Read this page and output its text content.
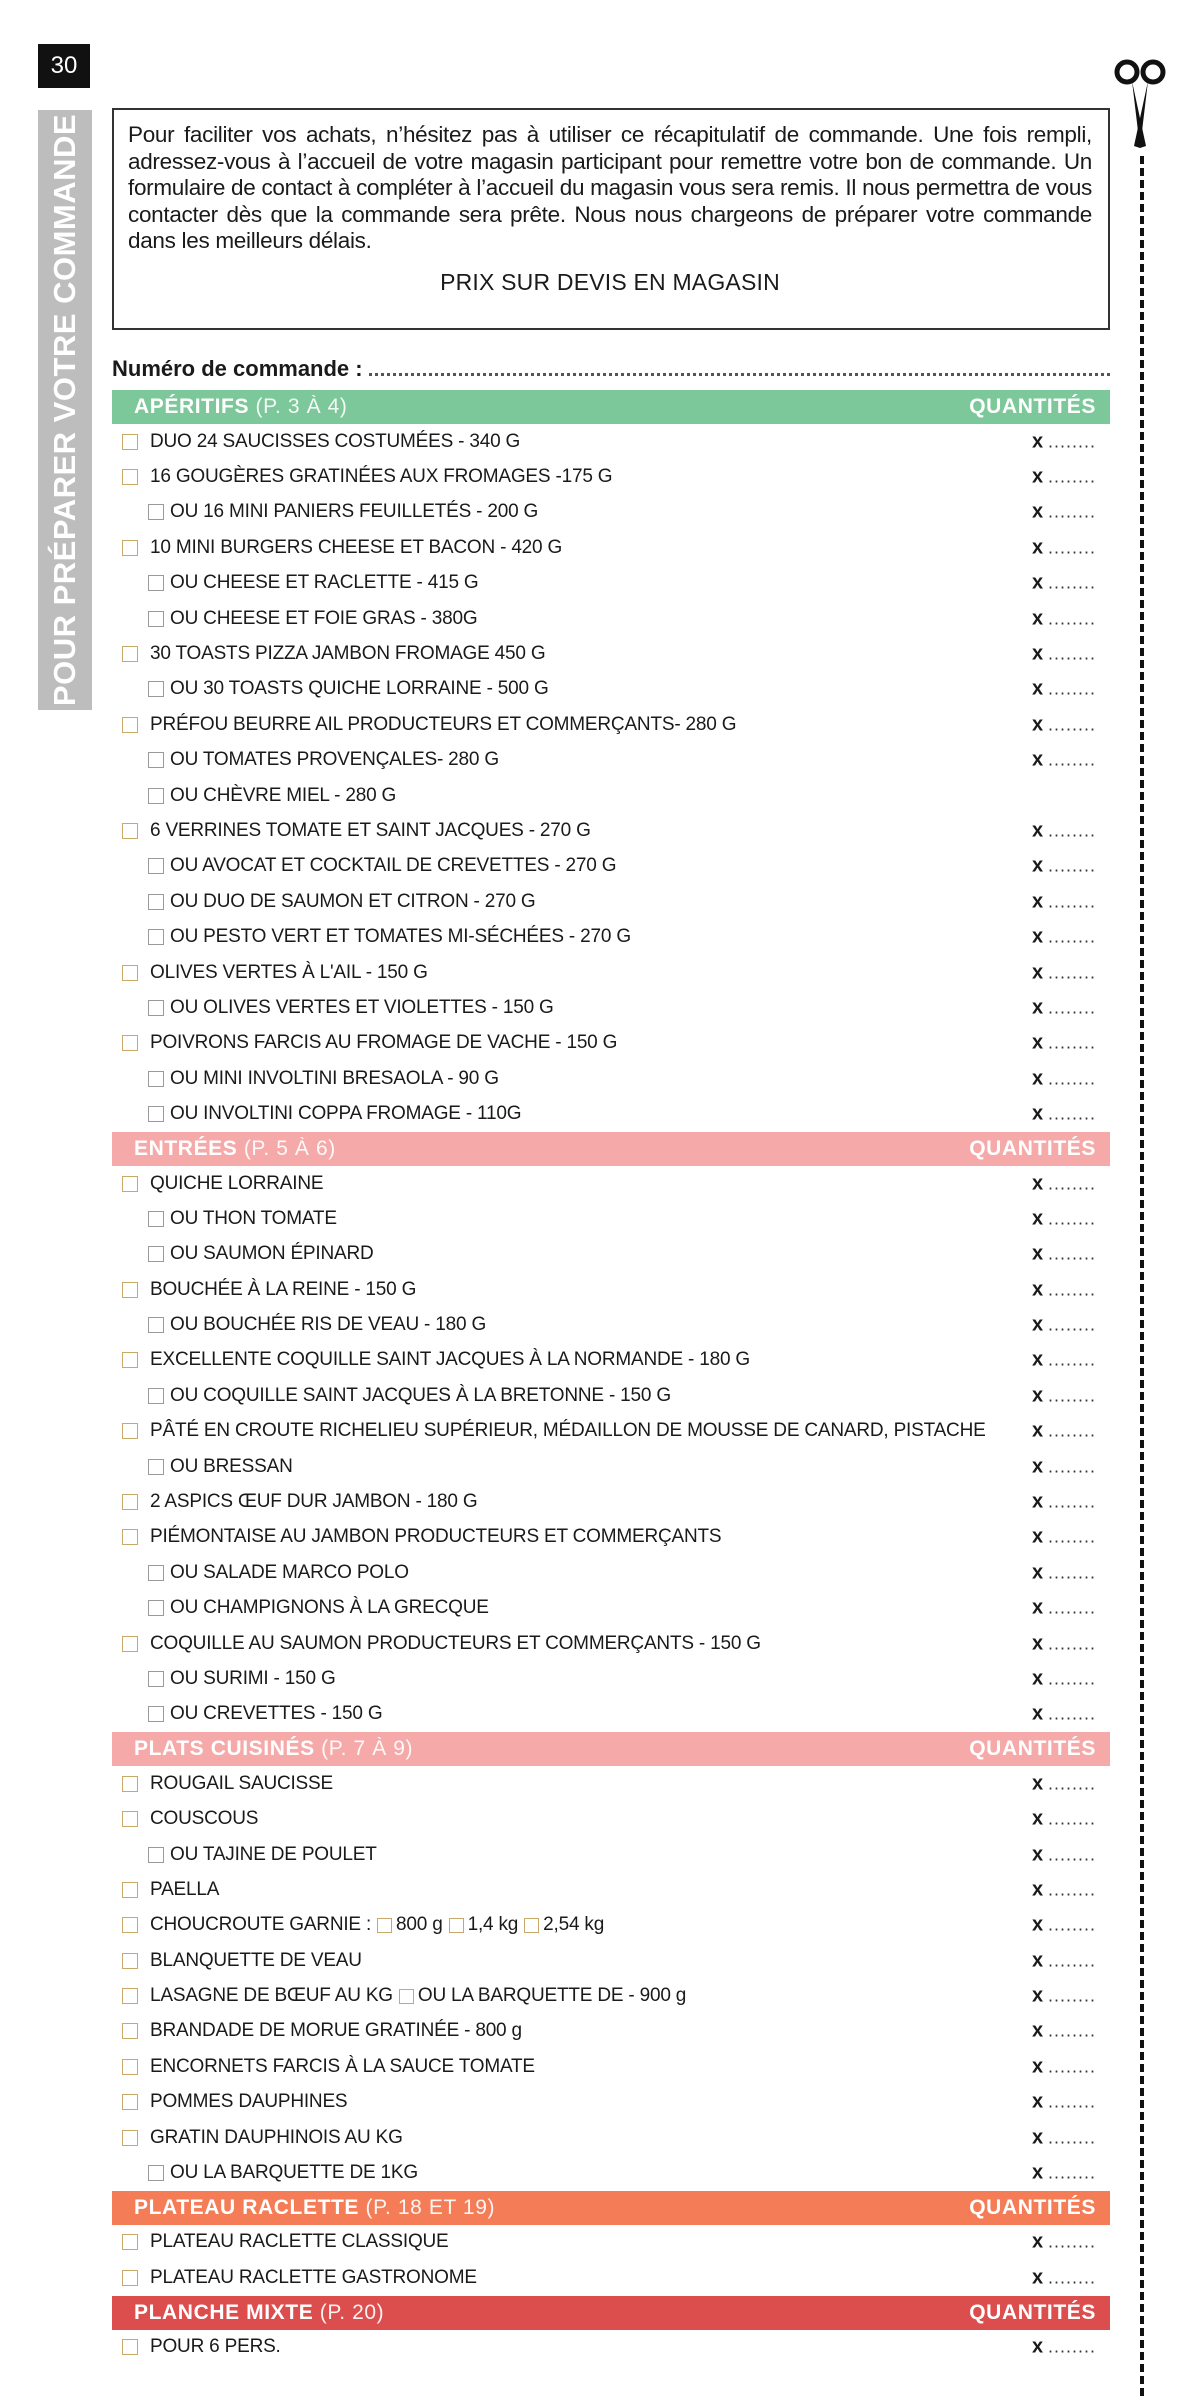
30
POUR PRÉPARER VOTRE COMMANDE Pour faciliter vos achats, n’hésitez pas à utiliser ce récapitulatif de commande. Une fois rempli, adressez-vous à l’accueil de votre magasin participant pour remettre votre bon de commande. Un formulaire de contact à compléter à l’accueil du magasin vous sera remis. Il nous permettra de vous contacter dès que la commande sera prête. Nous nous chargeons de préparer votre commande dans les meilleurs délais.

PRIX SUR DEVIS EN MAGASIN

Numéro de commande :
APÉRITIFS (P. 3 À 4)	QUANTITÉS
DUO 24 SAUCISSES COSTUMÉES - 340 G	x ........
16 GOUGÈRES GRATINÉES AUX FROMAGES -175 G	x ........
OU 16 MINI PANIERS FEUILLETÉS - 200 G	x ........
10 MINI BURGERS CHEESE ET BACON - 420 G	x ........
OU CHEESE ET RACLETTE - 415 G	x ........
OU CHEESE ET FOIE GRAS - 380G	x ........
30 TOASTS PIZZA JAMBON FROMAGE 450 G	x ........
OU 30 TOASTS QUICHE LORRAINE - 500 G	x ........
PRÉFOU BEURRE AIL PRODUCTEURS ET COMMERÇANTS- 280 G	x ........
OU TOMATES PROVENÇALES- 280 G	x ........
OU CHÈVRE MIEL - 280 G
6 VERRINES TOMATE ET SAINT JACQUES - 270 G	x ........
OU AVOCAT ET COCKTAIL DE CREVETTES - 270 G	x ........
OU DUO DE SAUMON ET CITRON - 270 G	x ........
OU PESTO VERT ET TOMATES MI-SÉCHÉES - 270 G	x ........
OLIVES VERTES À L'AIL - 150 G	x ........
OU OLIVES VERTES ET VIOLETTES - 150 G	x ........
POIVRONS FARCIS AU FROMAGE DE VACHE - 150 G	x ........
OU MINI INVOLTINI BRESAOLA - 90 G	x ........
OU INVOLTINI COPPA FROMAGE - 110G	x ........
ENTRÉES (P. 5 À 6)	QUANTITÉS
QUICHE LORRAINE	x ........
OU THON TOMATE	x ........
OU SAUMON ÉPINARD	x ........
BOUCHÉE À LA REINE - 150 G	x ........
OU BOUCHÉE RIS DE VEAU - 180 G	x ........
EXCELLENTE COQUILLE SAINT JACQUES À LA NORMANDE - 180 G	x ........
OU COQUILLE SAINT JACQUES À LA BRETONNE - 150 G	x ........
PÂTÉ EN CROUTE RICHELIEU SUPÉRIEUR, MÉDAILLON DE MOUSSE DE CANARD, PISTACHE x ........
OU BRESSAN	x ........
2 ASPICS ŒUF DUR JAMBON - 180 G	x ........
PIÉMONTAISE AU JAMBON PRODUCTEURS ET COMMERÇANTS	x ........
OU SALADE MARCO POLO	x ........
OU CHAMPIGNONS À LA GRECQUE	x ........
COQUILLE AU SAUMON PRODUCTEURS ET COMMERÇANTS - 150 G	x ........
OU SURIMI - 150 G	x ........
OU CREVETTES - 150 G	x ........
PLATS CUISINÉS (P. 7 À 9)	QUANTITÉS
ROUGAIL SAUCISSE	x ........
COUSCOUS	x ........
OU TAJINE DE POULET	x ........
PAELLA	x ........
CHOUCROUTE GARNIE : 800 g 1,4 kg 2,54 kg	x ........
BLANQUETTE DE VEAU	x ........
LASAGNE DE BŒUF AU KG OU LA BARQUETTE DE - 900 g	x ........
BRANDADE DE MORUE GRATINÉE - 800 g	x ........
ENCORNETS FARCIS À LA SAUCE TOMATE	x ........
POMMES DAUPHINES	x ........
GRATIN DAUPHINOIS AU KG	x ........
OU LA BARQUETTE DE 1KG	x ........
PLATEAU RACLETTE (P. 18 ET 19)	QUANTITÉS
PLATEAU RACLETTE CLASSIQUE	x ........
PLATEAU RACLETTE GASTRONOME	x ........
PLANCHE MIXTE (P. 20)	QUANTITÉS
POUR 6 PERS.	x ........
